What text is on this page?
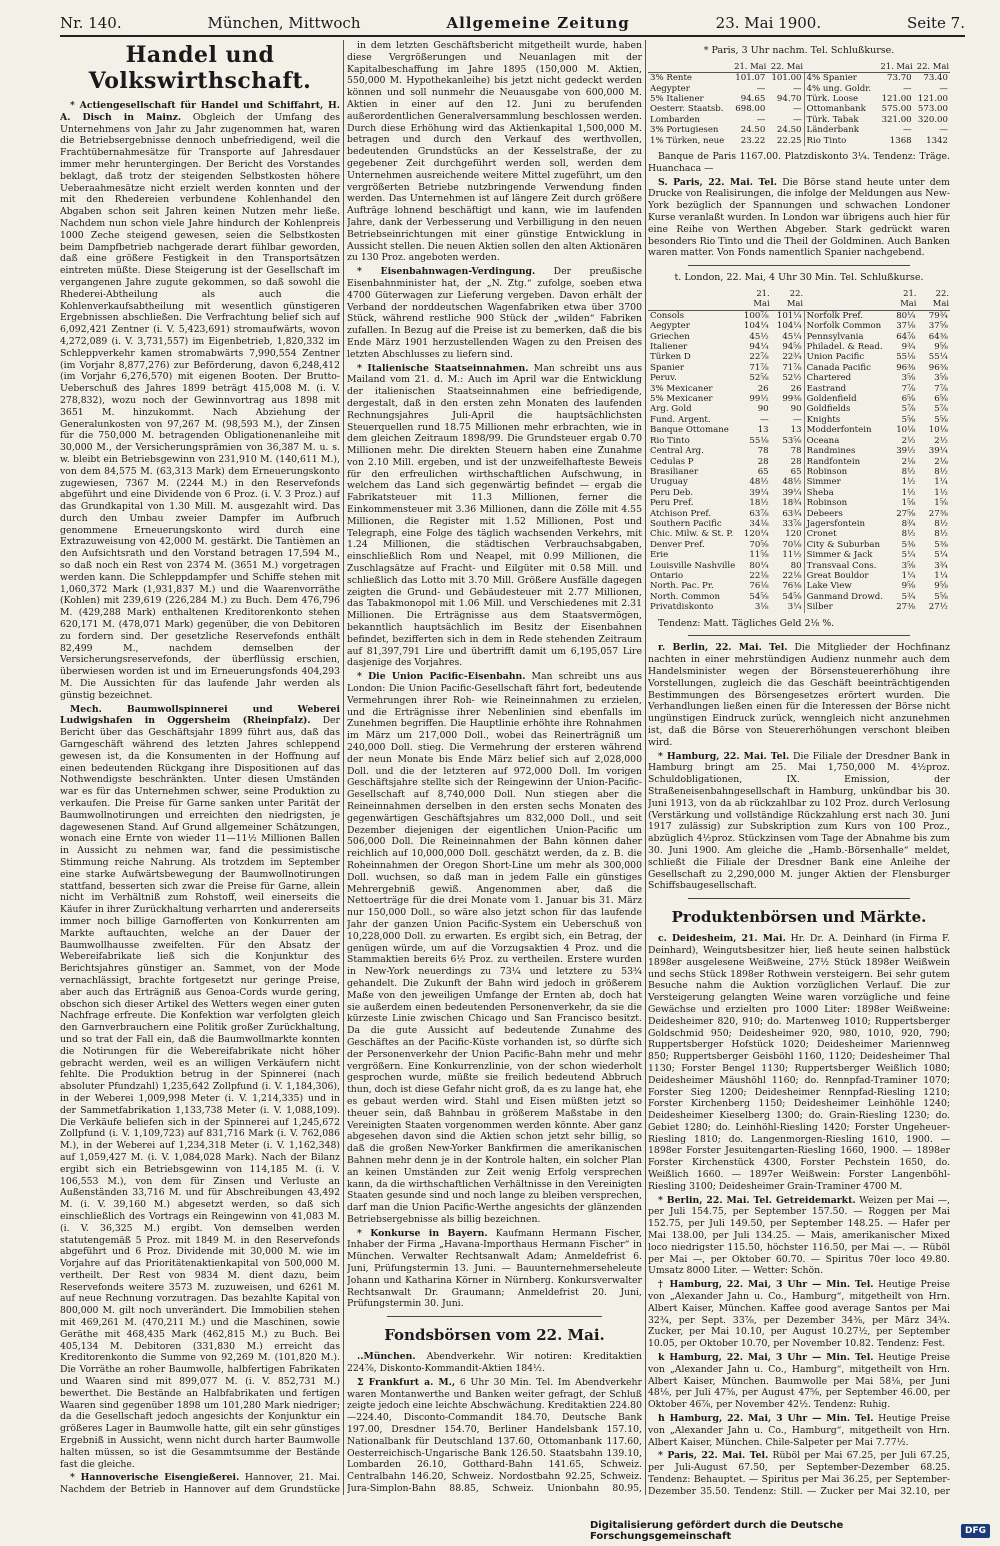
Nr. 140.	München, Mittwoch	Allgemeine Zeitung	23. Mai 1900.	Seite 7.
Handel und Volkswirthschaft.

* Actiengesellschaft für Handel und Schiffahrt, H. A. Disch in Mainz. Obgleich der Umfang des Unternehmens von Jahr zu Jahr zugenommen hat, waren die Betriebsergebnisse dennoch unbefriedigend, weil die Frachtübernahmesätze für Transporte auf Jahresdauer immer mehr heruntergingen. Der Bericht des Vorstandes beklagt, daß trotz der steigenden Selbstkosten höhere Ueberaahmesätze nicht erzielt werden konnten und der mit den Rhedereien verbundene Kohlenhandel den Abgaben schon seit Jahren keinen Nutzen mehr ließe. Nachdem nun schon viele Jahre hindurch der Kohlenpreis 1000 Zeche steigend gewesen, seien die Selbstkosten beim Dampfbetrieb nachgerade derart fühlbar geworden, daß eine größere Festigkeit in den Transportsätzen eintreten müßte. Diese Steigerung ist der Gesellschaft im vergangenen Jahre zugute gekommen, so daß sowohl die Rhederei-Abtheilung als auch die Kohlenverkaufsabtheilung mit wesentlich günstigeren Ergebnissen abschließen. Die Verfrachtung belief sich auf 6,092,421 Zentner (i. V. 5,423,691) stromaufwärts, wovon 4,272,089 (i. V. 3,731,557) im Eigenbetrieb, 1,820,332 im Schleppverkehr kamen stromabwärts 7,990,554 Zentner (im Vorjahr 8,877,276) zur Beförderung, davon 6,248,412 (im Vorjahr 6,276,570) mit eigenen Booten. Der Brutto-Ueberschuß des Jahres 1899 beträgt 415,008 M. (i. V. 278,832), wozu noch der Gewinnvortrag aus 1898 mit 3651 M. hinzukommt. Nach Abziehung der Generalunkosten von 97,267 M. (98,593 M.), der Zinsen für die 750,000 M. betragenden Obligationenanleihe mit 30,000 M., der Versicherungsprämien von 36,387 M. u. s. w. bleibt ein Betriebsgewinn von 231,910 M. (140,611 M.), von dem 84,575 M. (63,313 Mark) dem Erneuerungskonto zugewiesen, 7367 M. (2244 M.) in den Reservefonds abgeführt und eine Dividende von 6 Proz. (i. V. 3 Proz.) auf das Grundkapital von 1.30 Mill. M. ausgezahlt wird. Das durch den Umbau zweier Dampfer im Aufbruch genommene Erneuerungskonto wird durch eine Extrazuweisung von 42,000 M. gestärkt. Die Tantièmen an den Aufsichtsrath und den Vorstand betragen 17,594 M., so daß noch ein Rest von 2374 M. (3651 M.) vorgetragen werden kann. Die Schleppdampfer und Schiffe stehen mit 1,060,372 Mark (1,931,837 M.) und die Waarenvorräthe (Kohlen) mit 239,619 (226,284 M.) zu Buch. Dem 476,796 M. (429,288 Mark) enthaltenen Kreditorenkonto stehen 620,171 M. (478,071 Mark) gegenüber, die von Debitoren zu fordern sind. Der gesetzliche Reservefonds enthält 82,499 M., nachdem demselben der Versicherungsreservefonds, der überflüssig erschien, überwiesen worden ist und im Erneuerungsfonds 404,293 M. Die Aussichten für das laufende Jahr werden als günstig bezeichnet.

Mech. Baumwollspinnerei und Weberei Ludwigshafen in Oggersheim (Rheinpfalz). Der Bericht über das Geschäftsjahr 1899 führt aus, daß das Garngeschäft während des letzten Jahres schleppend gewesen ist, da die Konsumenten in der Hoffnung auf einen bedeutenden Rückgang ihre Dispositionen auf das Nothwendigste beschränkten. Unter diesen Umständen war es für das Unternehmen schwer, seine Produktion zu verkaufen. Die Preise für Garne sanken unter Parität der Baumwollnotirungen und erreichten den niedrigsten, je dagewesenen Stand. Auf Grund allgemeiner Schätzungen, wonach eine Ernte von wieder 11—11½ Millionen Ballen in Aussicht zu nehmen war, fand die pessimistische Stimmung reiche Nahrung. Als trotzdem im September eine starke Aufwärtsbewegung der Baumwollnotirungen stattfand, besserten sich zwar die Preise für Garne, allein nicht im Verhältniß zum Rohstoff, weil einerseits die Käufer in ihrer Zurückhaltung verharrten und andererseits immer noch billige Garnofferten von Konkurrenten am Markte auftauchten, welche an der Dauer der Baumwollhausse zweifelten. Für den Absatz der Webereifabrikate ließ sich die Konjunktur des Berichtsjahres günstiger an. Sammet, von der Mode vernachlässigt, brachte fortgesetzt nur geringe Preise, aber auch das Erträgniß aus Genoa-Cords wurde gering, obschon sich dieser Artikel des Wetters wegen einer guten Nachfrage erfreute. Die Konfektion war verfolgten gleich den Garnverbrauchern eine Politik großer Zurückhaltung, und so trat der Fall ein, daß die Baumwollmarkte konnten die Notirungen für die Webereifabrikate nicht höher gebracht werden, weil es an willigen Verkäufern nicht fehlte. Die Produktion betrug in der Spinnerei (nach absoluter Pfundzahl) 1,235,642 Zollpfund (i. V. 1,184,306), in der Weberei 1,009,998 Meter (i. V. 1,214,335) und in der Sammetfabrikation 1,133,738 Meter (i. V. 1,088,109). Die Verkäufe beliefen sich in der Spinnerei auf 1,245,672 Zollpfund (i. V. 1,109,723) auf 831,716 Mark (i. V. 762,086 M.), in der Weberei auf 1,234,318 Meter (i. V. 1,162,348) auf 1,059,427 M. (i. V. 1,084,028 Mark). Nach der Bilanz ergibt sich ein Betriebsgewinn von 114,185 M. (i. V. 106,553 M.), von dem für Zinsen und Verluste an Außenständen 33,716 M. und für Abschreibungen 43,492 M. (i. V. 39,160 M.) abgesetzt werden, so daß sich einschließlich des Vortrags ein Reingewinn von 41,083 M. (i. V. 36,325 M.) ergibt. Von demselben werden statutengemäß 5 Proz. mit 1849 M. in den Reservefonds abgeführt und 6 Proz. Dividende mit 30,000 M. wie im Vorjahre auf das Prioritätenaktienkapital von 500,000 M. vertheilt. Der Rest von 9834 M. dient dazu, beim Reservefonds weitere 3573 M. zuzuweisen, und 6261 M. auf neue Rechnung vorzutragen. Das bezahlte Kapital von 800,000 M. gilt noch unverändert. Die Immobilien stehen mit 469,261 M. (470,211 M.) und die Maschinen, sowie Geräthe mit 468,435 Mark (462,815 M.) zu Buch. Bei 405,134 M. Debitoren (331,830 M.) erreicht das Kreditorenkonto die Summe von 92,269 M. (101,820 M.). Die Vorräthe an roher Baumwolle, halbfertigen Fabrikaten und Waaren sind mit 899,077 M. (i. V. 852,731 M.) bewerthet. Die Bestände an Halbfabrikaten und fertigen Waaren sind gegenüber 1898 um 101,280 Mark niedriger; da die Gesellschaft jedoch angesichts der Konjunktur ein größeres Lager in Baumwolle hatte, gilt ein sehr günstiges Ergebniß in Aussicht, wenn nicht durch harter Baumwolle halten müssen, so ist die Gesammtsumme der Bestände fast die gleiche.

* Hannoverische Eisengießerei. Hannover, 21. Mai. Nachdem der Betrieb in Hannover auf dem Grundstücke

in dem letzten Geschäftsbericht mitgetheilt wurde, haben diese Vergrößerungen und Neuanlagen mit der Kapitalbeschaffung im Jahre 1895 (150,000 M. Aktien, 550,000 M. Hypothekanleihe) bis jetzt nicht gedeckt werden können und soll nunmehr die Neuausgabe von 600,000 M. Aktien in einer auf den 12. Juni zu berufenden außerordentlichen Generalversammlung beschlossen werden. Durch diese Erhöhung wird das Aktienkapital 1,500,000 M. betragen und durch den Verkauf des werthvollen, bedeutenden Grundstücks an der Kesselstraße, der zu gegebener Zeit durchgeführt werden soll, werden dem Unternehmen ausreichende weitere Mittel zugeführt, um den vergrößerten Betriebe nutzbringende Verwendung finden werden. Das Unternehmen ist auf längere Zeit durch größere Aufträge lohnend beschäftigt und kann, wie im laufenden Jahre, dank der Verbesserung und Verbilligung in den neuen Betriebseinrichtungen mit einer günstige Entwicklung in Aussicht stellen. Die neuen Aktien sollen den alten Aktionären zu 130 Proz. angeboten werden.

* Eisenbahnwagen-Verdingung. Der preußische Eisenbahnminister hat, der „N. Ztg.“ zufolge, soeben etwa 4700 Güterwagen zur Lieferung vergeben. Davon erhält der Verband der norddeutschen Wagenfabriken etwa über 3700 Stück, während restliche 900 Stück der „wilden“ Fabriken zufallen. In Bezug auf die Preise ist zu bemerken, daß die bis Ende März 1901 herzustellenden Wagen zu den Preisen des letzten Abschlusses zu liefern sind.

* Italienische Staatseinnahmen. Man schreibt uns aus Mailand vom 21. d. M.: Auch im April war die Entwicklung der italienischen Staatseinnahmen eine befriedigende, dergestalt, daß in den ersten zehn Monaten des laufenden Rechnungsjahres Juli-April die hauptsächlichsten Steuerquellen rund 18.75 Millionen mehr erbrachten, wie in dem gleichen Zeitraum 1898/99. Die Grundsteuer ergab 0.70 Millionen mehr. Die direkten Steuern haben eine Zunahme von 2.10 Mill. ergeben, und ist der unzweifelhafteste Beweis für den erfreulichen wirthschaftlichen Aufschwung, in welchem das Land sich gegenwärtig befindet — ergab die Fabrikatsteuer mit 11.3 Millionen, ferner die Einkommensteuer mit 3.36 Millionen, dann die Zölle mit 4.55 Millionen, die Register mit 1.52 Millionen, Post und Telegraph, eine Folge des täglich wachsenden Verkehrs, mit 1.24 Millionen, die städtischen Verbrauchsabgaben, einschließlich Rom und Neapel, mit 0.99 Millionen, die Zuschlagsätze auf Fracht- und Eilgüter mit 0.58 Mill. und schließlich das Lotto mit 3.70 Mill. Größere Ausfälle dagegen zeigten die Grund- und Gebäudesteuer mit 2.77 Millionen, das Tabakmonopol mit 1.06 Mill. und Verschiedenes mit 2.31 Millionen. Die Erträgnisse aus dem Staatsvermögen, bekanntlich hauptsächlich im Besitz der Eisenbahnen befindet, bezifferten sich in dem in Rede stehenden Zeitraum auf 81,397,791 Lire und übertrifft damit um 6,195,057 Lire dasjenige des Vorjahres.

* Die Union Pacific-Eisenbahn. Man schreibt uns aus London: Die Union Pacific-Gesellschaft fährt fort, bedeutende Vermehrungen ihrer Roh- wie Reineinnahmen zu erzielen, und die Erträgnisse ihrer Nebenlinien sind ebenfalls im Zunehmen begriffen. Die Hauptlinie erhöhte ihre Rohnahmen im März um 217,000 Doll., wobei das Reinerträgniß um 240,000 Doll. stieg. Die Vermehrung der ersteren während der neun Monate bis Ende März belief sich auf 2,028,000 Doll. und die der letzteren auf 972,000 Doll. Im vorigen Geschäftsjahre stellte sich der Reingewinn der Union-Pacific-Gesellschaft auf 8,740,000 Doll. Nun stiegen aber die Reineinnahmen derselben in den ersten sechs Monaten des gegenwärtigen Geschäftsjahres um 832,000 Doll., und seit Dezember diejenigen der eigentlichen Union-Pacific um 506,000 Doll. Die Reineinnahmen der Bahn können daher reichlich auf 10,000,000 Doll. geschätzt werden, da z. B. die Roheinnahmen der Oregon Short-Line um mehr als 300,000 Doll. wuchsen, so daß man in jedem Falle ein günstiges Mehrergebniß gewiß. Angenommen aber, daß die Nettoerträge für die drei Monate vom 1. Januar bis 31. März nur 150,000 Doll., so wäre also jetzt schon für das laufende Jahr der ganzen Union Pacific-System ein Ueberschuß von 10,228,000 Doll. zu erwarten. Es ergibt sich, ein Betrag, der genügen würde, um auf die Vorzugsaktien 4 Proz. und die Stammaktien bereits 6½ Proz. zu vertheilen. Erstere wurden in New-York neuerdings zu 73¼ und letztere zu 53¾ gehandelt. Die Zukunft der Bahn wird jedoch in größerem Maße von den jeweiligen Umfange der Ernten ab, doch hat sie außerdem einen bedeutenden Personenverkehr, da sie die kürzeste Linie zwischen Chicago und San Francisco besitzt. Da die gute Aussicht auf bedeutende Zunahme des Geschäftes an der Pacific-Küste vorhanden ist, so dürfte sich der Personenverkehr der Union Pacific-Bahn mehr und mehr vergrößern. Eine Konkurrenzlinie, von der schon wiederholt gesprochen wurde, müßte sie freilich bedeutend Abbruch thun, doch ist diese Gefahr nicht groß, da es zu lange hat, ehe es gebaut werden wird. Stahl und Eisen müßten jetzt so theuer sein, daß Bahnbau in größerem Maßstabe in den Vereinigten Staaten vorgenommen werden könnte. Aber ganz abgesehen davon sind die Aktien schon jetzt sehr billig, so daß die großen New-Yorker Bankfirmen die amerikanischen Bahnen mehr denn je in der Kontrole halten, ein solcher Plan an keinen Umständen zur Zeit wenig Erfolg versprechen kann, da die wirthschaftlichen Verhältnisse in den Vereinigten Staaten gesunde sind und noch lange zu bleiben versprechen, darf man die Union Pacific-Werthe angesichts der glänzenden Betriebsergebnisse als billig bezeichnen.

* Konkurse in Bayern. Kaufmann Hermann Fischer, Inhaber der Firma „Havana-Importhaus Hermann Fischer“ in München. Verwalter Rechtsanwalt Adam; Anmeldefrist 6. Juni, Prüfungstermin 13. Juni. — Bauunternehmerseheleute Johann und Katharina Körner in Nürnberg. Konkursverwalter Rechtsanwalt Dr. Graumann; Anmeldefrist 20. Juni, Prüfungstermin 30. Juni.

Fondsbörsen vom 22. Mai.

..München. Abendverkehr. Wir notiren: Kreditaktien 224⅞, Diskonto-Kommandit-Aktien 184½.

Σ Frankfurt a. M., 6 Uhr 30 Min. Tel. Im Abendverkehr waren Montanwerthe und Banken weiter gefragt, der Schluß zeigte jedoch eine leichte Abschwächung. Kreditaktien 224.80—224.40, Disconto-Commandit 184.70, Deutsche Bank 197.00, Dresdner 154.70, Berliner Handelsbank 157.10, Nationalbank für Deutschland 137.60, Ottomanbank 117.60, Oesterreichisch-Ungarische Bank 126.50. Staatsbahn 139.10, Lombarden 26.10, Gotthard-Bahn 141.65, Schweiz. Centralbahn 146.20, Schweiz. Nordostbahn 92.25, Schweiz. Jura-Simplon-Bahn 88.85, Schweiz. Unionbahn 80.95,

* Paris, 3 Uhr nachm. Tel. Schlußkurse.
	21. Mai	22. Mai		21. Mai	22. Mai
3% Rente	101.07	101.00	4% Spanier	73.70	73.40
Aegypter	—	—	4% ung. Goldr.	—	—
5% Italiener	94.65	94.70	Türk. Loose	121.00	121.00
Oesterr. Staatsb.	698.00	—	Ottomanbank	575.00	573.00
Lombarden	—	—	Türk. Tabak	321.00	320.00
3% Portugiesen	24.50	24.50	Länderbank	—	—
1% Türken, neue	23.22	22.25	Rio Tinto	1368	1342

Banque de Paris 1167.00. Platzdiskonto 3¼. Tendenz: Träge. Huanchaca —

S. Paris, 22. Mai. Tel. Die Börse stand heute unter dem Drucke von Realisirungen, die infolge der Meldungen aus New-York bezüglich der Spannungen und schwachen Londoner Kurse veranlaßt wurden. In London war übrigens auch hier für eine Reihe von Werthen Abgeber. Stark gedrückt waren besonders Rio Tinto und die Theil der Goldminen. Auch Banken waren matter. Von Fonds namentlich Spanier nachgebend.

t. London, 22. Mai, 4 Uhr 30 Min. Tel. Schlußkurse.
	21. Mai	22. Mai		21. Mai	22. Mai
Consols	100⅞	101¼	Norfolk Pref.	80¼	79¾
Aegypter	104¼	104¼	Norfolk Common	37⅛	37⅝
Griechen	45½	45¼	Pennsylvania	64⅞	64⅜
Italiener	94¼	94⅝	Philadel. & Read.	9¾	9⅝
Türken D	22⅞	22¾	Union Pacific	55⅛	55¼
Spanier	71⅞	71⅞	Canada Pacific	96⅜	96⅜
Peruv.	52⅝	52½	Chartered	3⅝	3⅝
3% Mexicaner	26	26	Eastrand	7⅞	7⅞
5% Mexicaner	99½	99⅜	Goldenfield	6⅝	6⅝
Arg. Gold	90	90	Goldfields	5⅞	5⅞
Fund. Argent.	—	—	Knights	5⅝	5⅝
Banque Ottomane	13	13	Modderfontein	10⅛	10⅛
Rio Tinto	55⅛	53⅝	Oceana	2½	2½
Central Arg.	78	78	Randmines	39½	39¼
Cedulas P	28	28	Randfontein	2⅛	2⅛
Brasilianer	65	65	Robinson	8½	8½
Uruguay	48½	48½	Simmer	1½	1¼
Peru Deb.	39¼	39¼	Sheba	1½	1½
Peru Pref.	18½	18¾	Robinson	1⅝	1⅝
Atchison Pref.	63⅞	63¾	Debeers	27⅝	27⅜
Southern Pacific	34⅛	33⅞	Jagersfontein	8¾	8½
Chic. Milw. & St. P.	120¼	120	Cronet	8½	8½
Denver Pref.	70⅝	70⅛	City & Suburban	5⅜	5⅜
Erie	11⅝	11½	Simmer & Jack	5¼	5¼
Louisville Nashville	80¼	80	Transvaal Cons.	3⅝	3¾
Ontario	22⅛	22⅛	Great Bouldor	1¼	1¼
North. Pac. Pr.	76⅛	76⅜	Lake View	9⅝	9⅝
North. Common	54⅝	54⅝	Ganmand Drowd.	5¾	5⅝
Privatdiskonto	3⅛	3¼	Silber	27⅜	27½

Tendenz: Matt. Tägliches Geld 2⅛ %.

r. Berlin, 22. Mai. Tel. Die Mitglieder der Hochfinanz nachten in einer mehrstündigen Audienz nunmehr auch dem Handelsminister wegen der Börsensteuererhöhung ihre Vorstellungen, zugleich die das Geschäft beeinträchtigenden Bestimmungen des Börsengesetzes erörtert wurden. Die Verhandlungen ließen einen für die Interessen der Börse nicht ungünstigen Eindruck zurück, wenngleich nicht anzunehmen ist, daß die Börse von Steuererhöhungen verschont bleiben wird.

* Hamburg, 22. Mai. Tel. Die Filiale der Dresdner Bank in Hamburg bringt am 25. Mai 1,750,000 M. 4½proz. Schuldobligationen, IX. Emission, der Straßeneisenbahngesellschaft in Hamburg, unkündbar bis 30. Juni 1913, von da ab rückzahlbar zu 102 Proz. durch Verlosung (Verstärkung und vollständige Rückzahlung erst nach 30. Juni 1917 zulässig) zur Subskription zum Kurs von 100 Proz., abzüglich 4½proz. Stückzinsen vom Tage der Abnahme bis zum 30. Juni 1900. Am gleiche die „Hamb.-Börsenhalle“ meldet, schließt die Filiale der Dresdner Bank eine Anleihe der Gesellschaft zu 2,290,000 M. junger Aktien der Flensburger Schiffsbaugesellschaft.

Produktenbörsen und Märkte.

c. Deidesheim, 21. Mai. Hr. Dr. A. Deinhard (in Firma F. Deinhard), Weingutsbesitzer hier, ließ heute seinen halbstück 1898er ausgelesene Weißweine, 27½ Stück 1898er Weißwein und sechs Stück 1898er Rothwein versteigern. Bei sehr gutem Besuche nahm die Auktion vorzüglichen Verlauf. Die zur Versteigerung gelangten Weine waren vorzügliche und feine Gewächse und erzielten pro 1000 Liter: 1898er Weißweine: Deidesheimer 820, 910; do. Martenweg 1010; Ruppertsberger Goldschmid 950; Deidesheimer 920, 980, 1010, 920, 790; Ruppertsberger Hofstück 1020; Deidesheimer Mariennweg 850; Ruppertsberger Geisböhl 1160, 1120; Deidesheimer Thal 1130; Forster Bengel 1130; Ruppertsberger Weißlich 1080; Deidesheimer Mäushöhl 1160; do. Rennpfad-Traminer 1070; Forster Sieg 1200; Deidesheimer Rennpfad-Riesling 1210; Forster Kirchenberg 1150; Deidesheimer Leinhöhle 1240; Deidesheimer Kieselberg 1300; do. Grain-Riesling 1230; do. Gebiet 1280; do. Leinhöhl-Riesling 1420; Forster Ungeheuer-Riesling 1810; do. Langenmorgen-Riesling 1610, 1900. — 1898er Forster Jesuitengarten-Riesling 1660, 1900. — 1898er Forster Kirchenstück 4300, Forster Pechstein 1650, do. Weißlich 1660. — 1897er Weißwein: Forster Langenböhl-Riesling 3100; Deidesheimer Grain-Traminer 4700 M.

* Berlin, 22. Mai. Tel. Getreidemarkt. Weizen per Mai —, per Juli 154.75, per September 157.50. — Roggen per Mai 152.75, per Juli 149.50, per September 148.25. — Hafer per Mai 138.00, per Juli 134.25. — Mais, amerikanischer Mixed loco niedrigster 115.50, höchster 116.50, per Mai —. — Rüböl per Mai —, per Oktober 60.70. — Spiritus 70er loco 49.80. Umsatz 8000 Liter. — Wetter: Schön.

† Hamburg, 22. Mai, 3 Uhr — Min. Tel. Heutige Preise von „Alexander Jahn u. Co., Hamburg“, mitgetheilt von Hrn. Albert Kaiser, München. Kaffee good average Santos per Mai 32¾, per Sept. 33⅞, per Dezember 34⅜, per März 34¾. Zucker, per Mai 10.10, per August 10.27½, per September 10.05, per Oktober 10.70, per November 10.82. Tendenz: Fest.

k Hamburg, 22. Mai, 3 Uhr — Min. Tel. Heutige Preise von „Alexander Jahn u. Co., Hamburg“, mitgetheilt von Hrn. Albert Kaiser, München. Baumwolle per Mai 58⅛, per Juni 48⅛, per Juli 47⅝, per August 47⅝, per September 46.00, per Oktober 46⅞, per November 42½. Tendenz: Ruhig.

h Hamburg, 22. Mai, 3 Uhr — Min. Tel. Heutige Preise von „Alexander Jahn u. Co., Hamburg“, mitgetheilt von Hrn. Albert Kaiser, München. Chile-Salpeter per Mai 7.77½.

* Paris, 22. Mai. Tel. Rüböl per Mai 67.25, per Juli 67.25, per Juli-August 67.50, per September-Dezember 68.25. Tendenz: Behauptet. — Spiritus per Mai 36.25, per September-Dezember 35.50. Tendenz: Still. — Zucker per Mai 32.10, per

Digitalisierung gefördert durch die Deutsche Forschungsgemeinschaft	DFG
